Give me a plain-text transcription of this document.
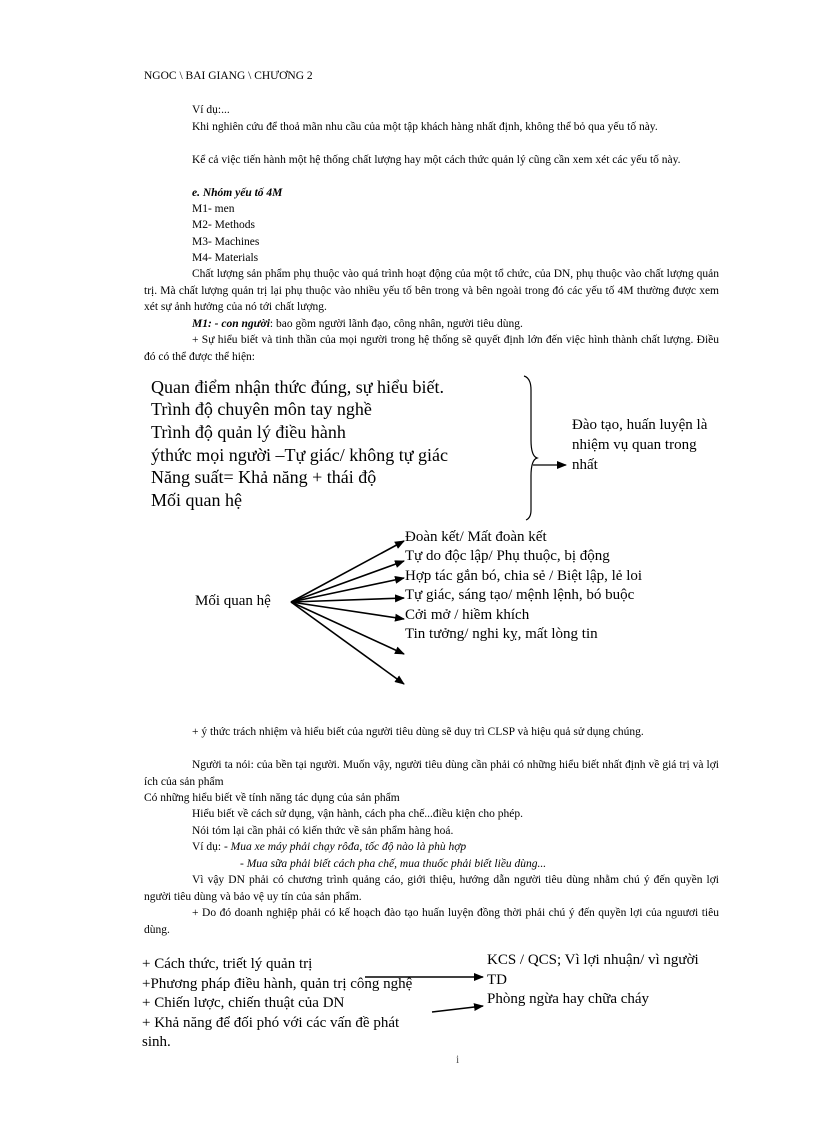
NGOC \ BAI GIANG \ CHƯƠNG 2
Ví dụ:...
Khi nghiên cứu để thoả mãn nhu cầu của một tập khách hàng nhất định, không thể bỏ qua yếu tố này.
Kể cả việc tiến hành một hệ thống chất lượng hay một cách thức quản lý cũng cần xem xét các yếu tố này.
e. Nhóm yếu tố 4M
M1- men
M2- Methods
M3- Machines
M4- Materials
Chất lượng sản phẩm phụ thuộc vào quá trình hoạt động của một tổ chức, của DN, phụ thuộc vào chất lượng quản trị. Mà chất lượng quản trị lại phụ thuộc vào nhiều yếu tố bên trong và bên ngoài trong đó các yếu tố 4M thường được xem xét sự ảnh hưởng của nó tới chất lượng.
M1: - con người: bao gồm người lãnh đạo, công nhân, người tiêu dùng.
+ Sự hiểu biết và tinh thần của mọi người trong hệ thống sẽ quyết định lớn đến việc hình thành chất lượng. Điều đó có thể được thể hiện:
Quan điểm nhận thức đúng, sự hiểu biết.
Trình độ chuyên môn tay nghề
Trình độ quản lý điều hành
ýthức mọi người –Tự giác/ không tự giác
Năng suất= Khả năng + thái độ
Mối quan hệ
Đào tạo, huấn luyện là
nhiệm vụ quan trong
nhất
Mối quan hệ
Đoàn kết/ Mất đoàn kết
Tự do độc lập/ Phụ thuộc, bị động
Hợp tác gắn bó, chia sẻ / Biệt lập, lẻ loi
Tự giác, sáng tạo/ mệnh lệnh, bó buộc
Cởi mở / hiềm khích
Tin tưởng/ nghi kỵ, mất lòng tin
+ ý thức trách nhiệm và hiểu biết của người tiêu dùng sẽ duy trì CLSP và hiệu quả sử dụng chúng.
Người ta nói: của bền tại người. Muốn vậy, người tiêu dùng cần phải có những hiểu biết nhất định về giá trị và lợi ích của sản phẩm
Có những hiểu biết về tính năng tác dụng của sản phẩm
Hiểu biết về cách sử dụng, vận hành, cách pha chế...điều kiện cho phép.
Nói tóm lại cần phải có kiến thức về sản phẩm hàng hoá.
Ví dụ: - Mua xe máy phải chạy rôđa, tốc độ nào là phù hợp
- Mua sữa phải biết cách pha chế, mua thuốc phải biết liều dùng...
Vì vậy DN phải có chương trình quảng cáo, giới thiệu, hướng dẫn người tiêu dùng nhằm chú ý đến quyền lợi người tiêu dùng và bảo vệ uy tín của sản phẩm.
+ Do đó doanh nghiệp phải có kế hoạch đào tạo huấn luyện đồng thời phải chú ý đến quyền lợi của nguươi tiêu dùng.
+ Cách thức, triết lý quản trị
+Phương pháp điều hành, quản trị công nghệ
+ Chiến lược, chiến thuật của DN
+ Khả năng để đối phó với các vấn đề phát
sinh.
KCS / QCS; Vì lợi nhuận/ vì người
TD
Phòng ngừa hay chữa cháy
i
